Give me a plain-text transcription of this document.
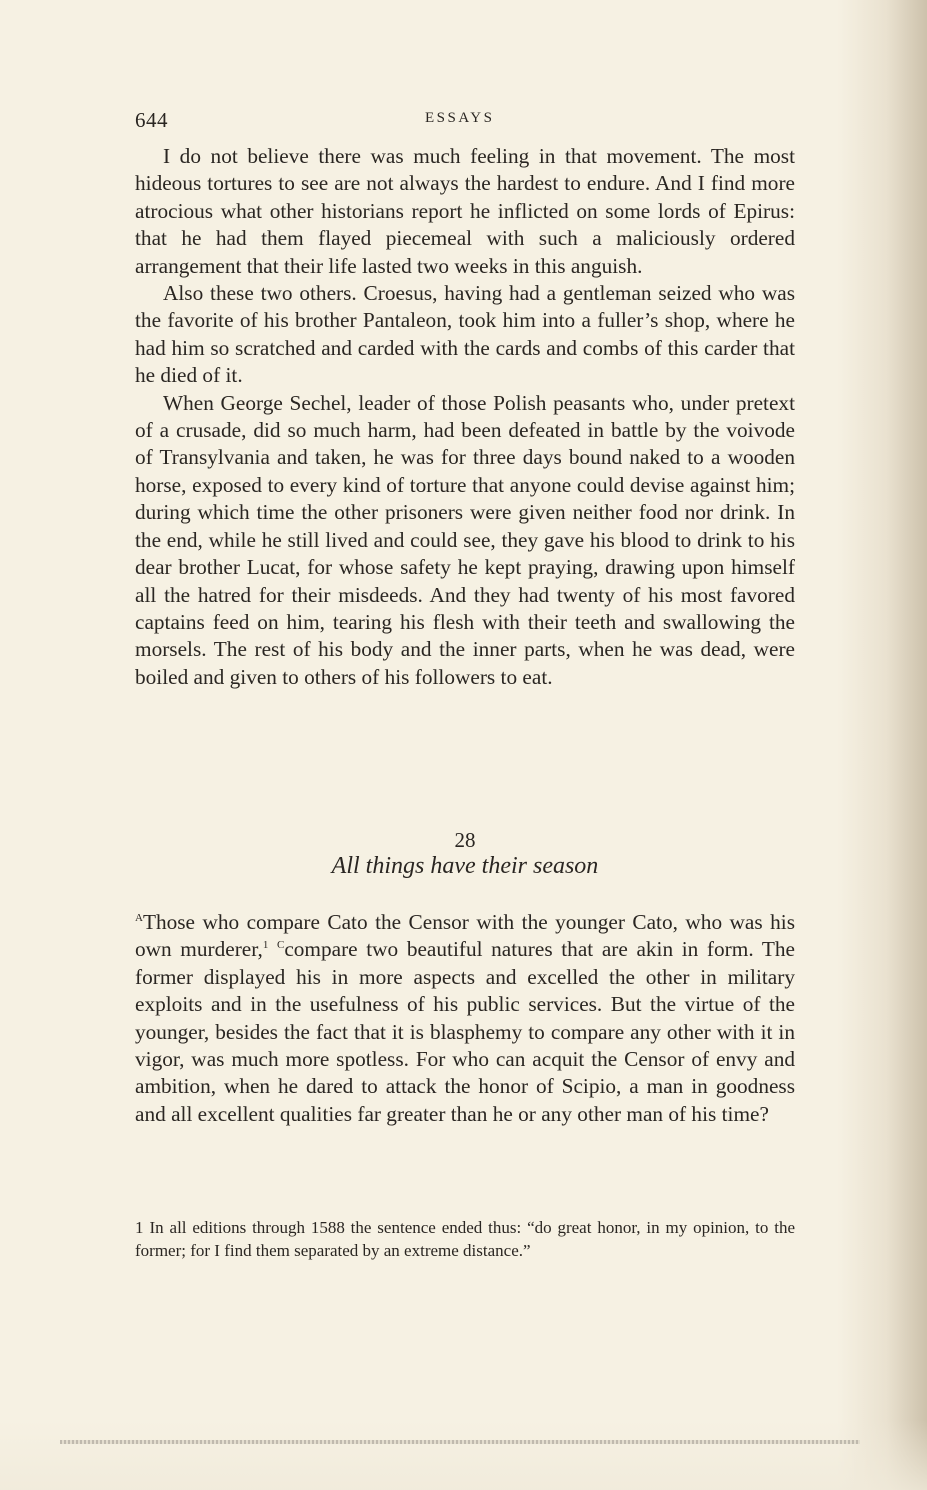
644	ESSAYS

I do not believe there was much feeling in that movement. The most hideous tortures to see are not always the hardest to endure. And I find more atrocious what other historians report he inflicted on some lords of Epirus: that he had them flayed piecemeal with such a maliciously ordered arrangement that their life lasted two weeks in this anguish.

Also these two others. Croesus, having had a gentleman seized who was the favorite of his brother Pantaleon, took him into a fuller’s shop, where he had him so scratched and carded with the cards and combs of this carder that he died of it.

When George Sechel, leader of those Polish peasants who, under pretext of a crusade, did so much harm, had been defeated in battle by the voivode of Transylvania and taken, he was for three days bound naked to a wooden horse, exposed to every kind of torture that anyone could devise against him; during which time the other prisoners were given neither food nor drink. In the end, while he still lived and could see, they gave his blood to drink to his dear brother Lucat, for whose safety he kept praying, drawing upon himself all the hatred for their misdeeds. And they had twenty of his most favored captains feed on him, tearing his flesh with their teeth and swallowing the morsels. The rest of his body and the inner parts, when he was dead, were boiled and given to others of his followers to eat.

28
All things have their season

$^A$Those who compare Cato the Censor with the younger Cato, who was his own murderer,$^1$ $^C$compare two beautiful natures that are akin in form. The former displayed his in more aspects and excelled the other in military exploits and in the usefulness of his public services. But the virtue of the younger, besides the fact that it is blasphemy to compare any other with it in vigor, was much more spotless. For who can acquit the Censor of envy and ambition, when he dared to attack the honor of Scipio, a man in goodness and all excellent qualities far greater than he or any other man of his time?

1 In all editions through 1588 the sentence ended thus: “do great honor, in my opinion, to the former; for I find them separated by an extreme distance.”
